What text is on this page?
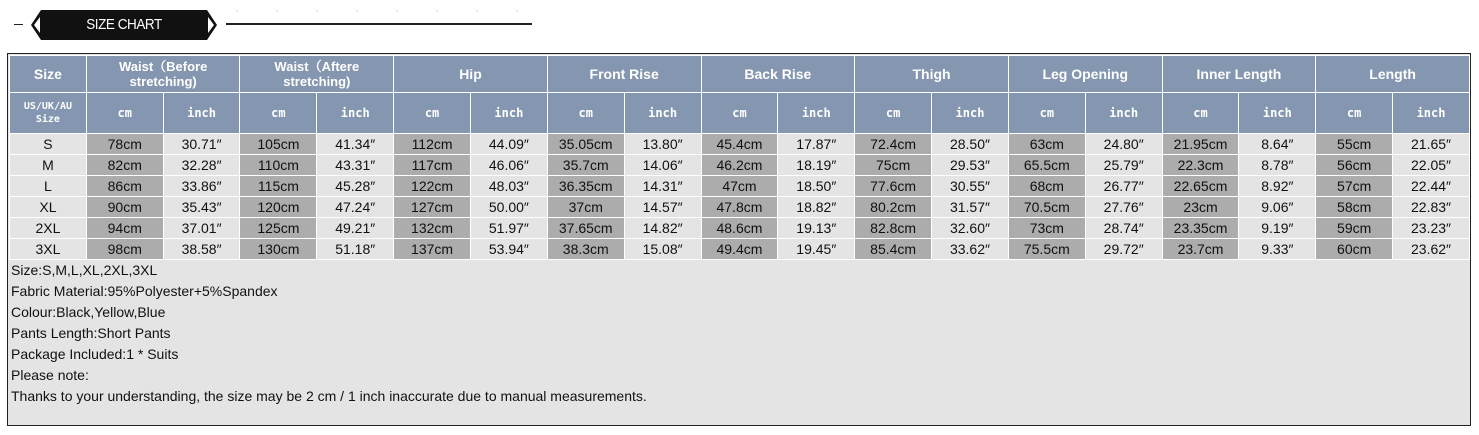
SIZE CHART
Size	Waist（Before stretching)		Waist（Aftere stretching)		Hip		Front Rise		Back Rise		Thigh		Leg Opening		Inner Length		Length	
US/UK/AU Size	cm	inch	cm	inch	cm	inch	cm	inch	cm	inch	cm	inch	cm	inch	cm	inch	cm	inch
S	78cm	30.71″	105cm	41.34″	112cm	44.09″	35.05cm	13.80″	45.4cm	17.87″	72.4cm	28.50″	63cm	24.80″	21.95cm	8.64″	55cm	21.65″
M	82cm	32.28″	110cm	43.31″	117cm	46.06″	35.7cm	14.06″	46.2cm	18.19″	75cm	29.53″	65.5cm	25.79″	22.3cm	8.78″	56cm	22.05″
L	86cm	33.86″	115cm	45.28″	122cm	48.03″	36.35cm	14.31″	47cm	18.50″	77.6cm	30.55″	68cm	26.77″	22.65cm	8.92″	57cm	22.44″
XL	90cm	35.43″	120cm	47.24″	127cm	50.00″	37cm	14.57″	47.8cm	18.82″	80.2cm	31.57″	70.5cm	27.76″	23cm	9.06″	58cm	22.83″
2XL	94cm	37.01″	125cm	49.21″	132cm	51.97″	37.65cm	14.82″	48.6cm	19.13″	82.8cm	32.60″	73cm	28.74″	23.35cm	9.19″	59cm	23.23″
3XL	98cm	38.58″	130cm	51.18″	137cm	53.94″	38.3cm	15.08″	49.4cm	19.45″	85.4cm	33.62″	75.5cm	29.72″	23.7cm	9.33″	60cm	23.62″
Size:S,M,L,XL,2XL,3XL
Fabric Material:95%Polyester+5%Spandex
Colour:Black,Yellow,Blue
Pants Length:Short Pants
Package Included:1 * Suits
Please note:
Thanks to your understanding, the size may be 2 cm / 1 inch inaccurate due to manual measurements.
